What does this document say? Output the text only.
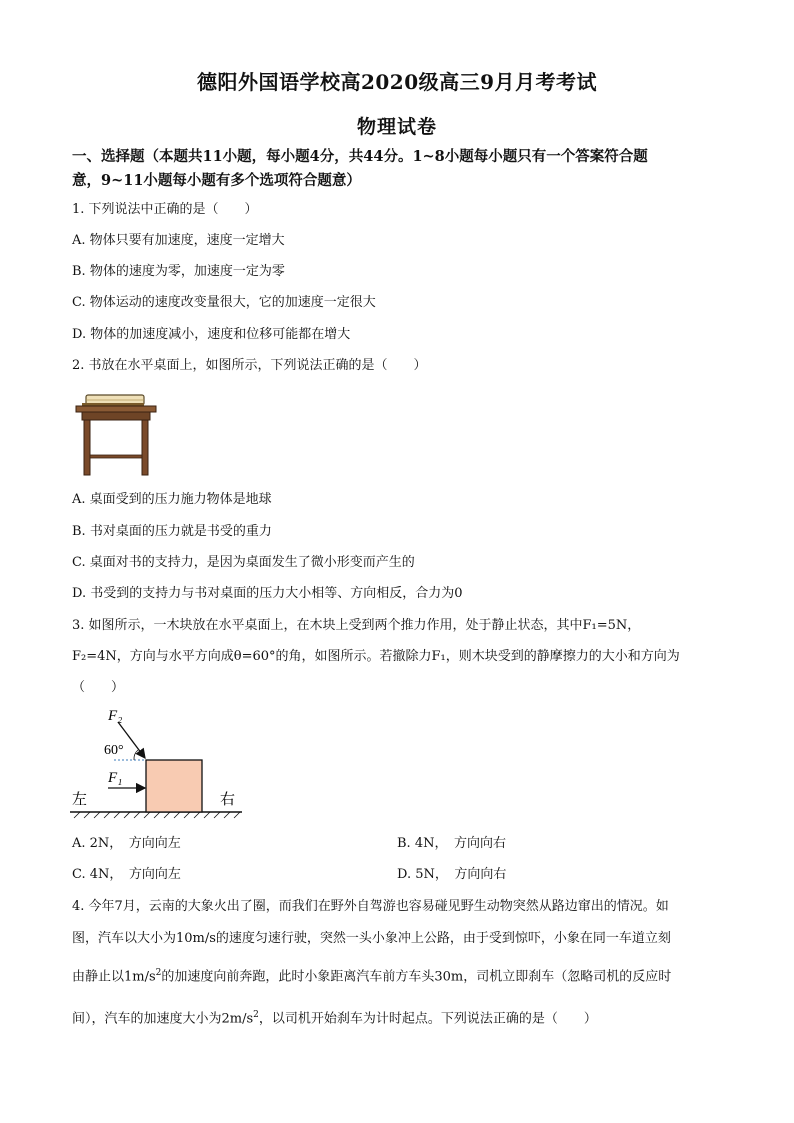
德阳外国语学校高2020级高三9月月考考试
物理试卷
一、选择题（本题共11小题，每小题4分，共44分。1~8小题每小题只有一个答案符合题
意，9~11小题每小题有多个选项符合题意）
1. 下列说法中正确的是（　　）
A. 物体只要有加速度，速度一定增大
B. 物体的速度为零，加速度一定为零
C. 物体运动的速度改变量很大，它的加速度一定很大
D. 物体的加速度减小，速度和位移可能都在增大
2. 书放在水平桌面上，如图所示，下列说法正确的是（　　）
A. 桌面受到的压力施力物体是地球
B. 书对桌面的压力就是书受的重力
C. 桌面对书的支持力，是因为桌面发生了微小形变而产生的
D. 书受到的支持力与书对桌面的压力大小相等、方向相反，合力为0
3. 如图所示，一木块放在水平桌面上，在木块上受到两个推力作用，处于静止状态，其中F₁=5N，
F₂=4N，方向与水平方向成θ=60°的角，如图所示。若撤除力F₁，则木块受到的静摩擦力的大小和方向为
（　　）
F₂
60°
F₁
左	右
A. 2N，　方向向左	B. 4N，　方向向右
C. 4N，　方向向左	D. 5N，　方向向右
4. 今年7月，云南的大象火出了圈，而我们在野外自驾游也容易碰见野生动物突然从路边窜出的情况。如
图，汽车以大小为10m/s的速度匀速行驶，突然一头小象冲上公路，由于受到惊吓，小象在同一车道立刻
由静止以$1m/s^2$的加速度向前奔跑，此时小象距离汽车前方车头30m，司机立即刹车（忽略司机的反应时
间），汽车的加速度大小为$2m/s^2$，以司机开始刹车为计时起点。下列说法正确的是（　　）
